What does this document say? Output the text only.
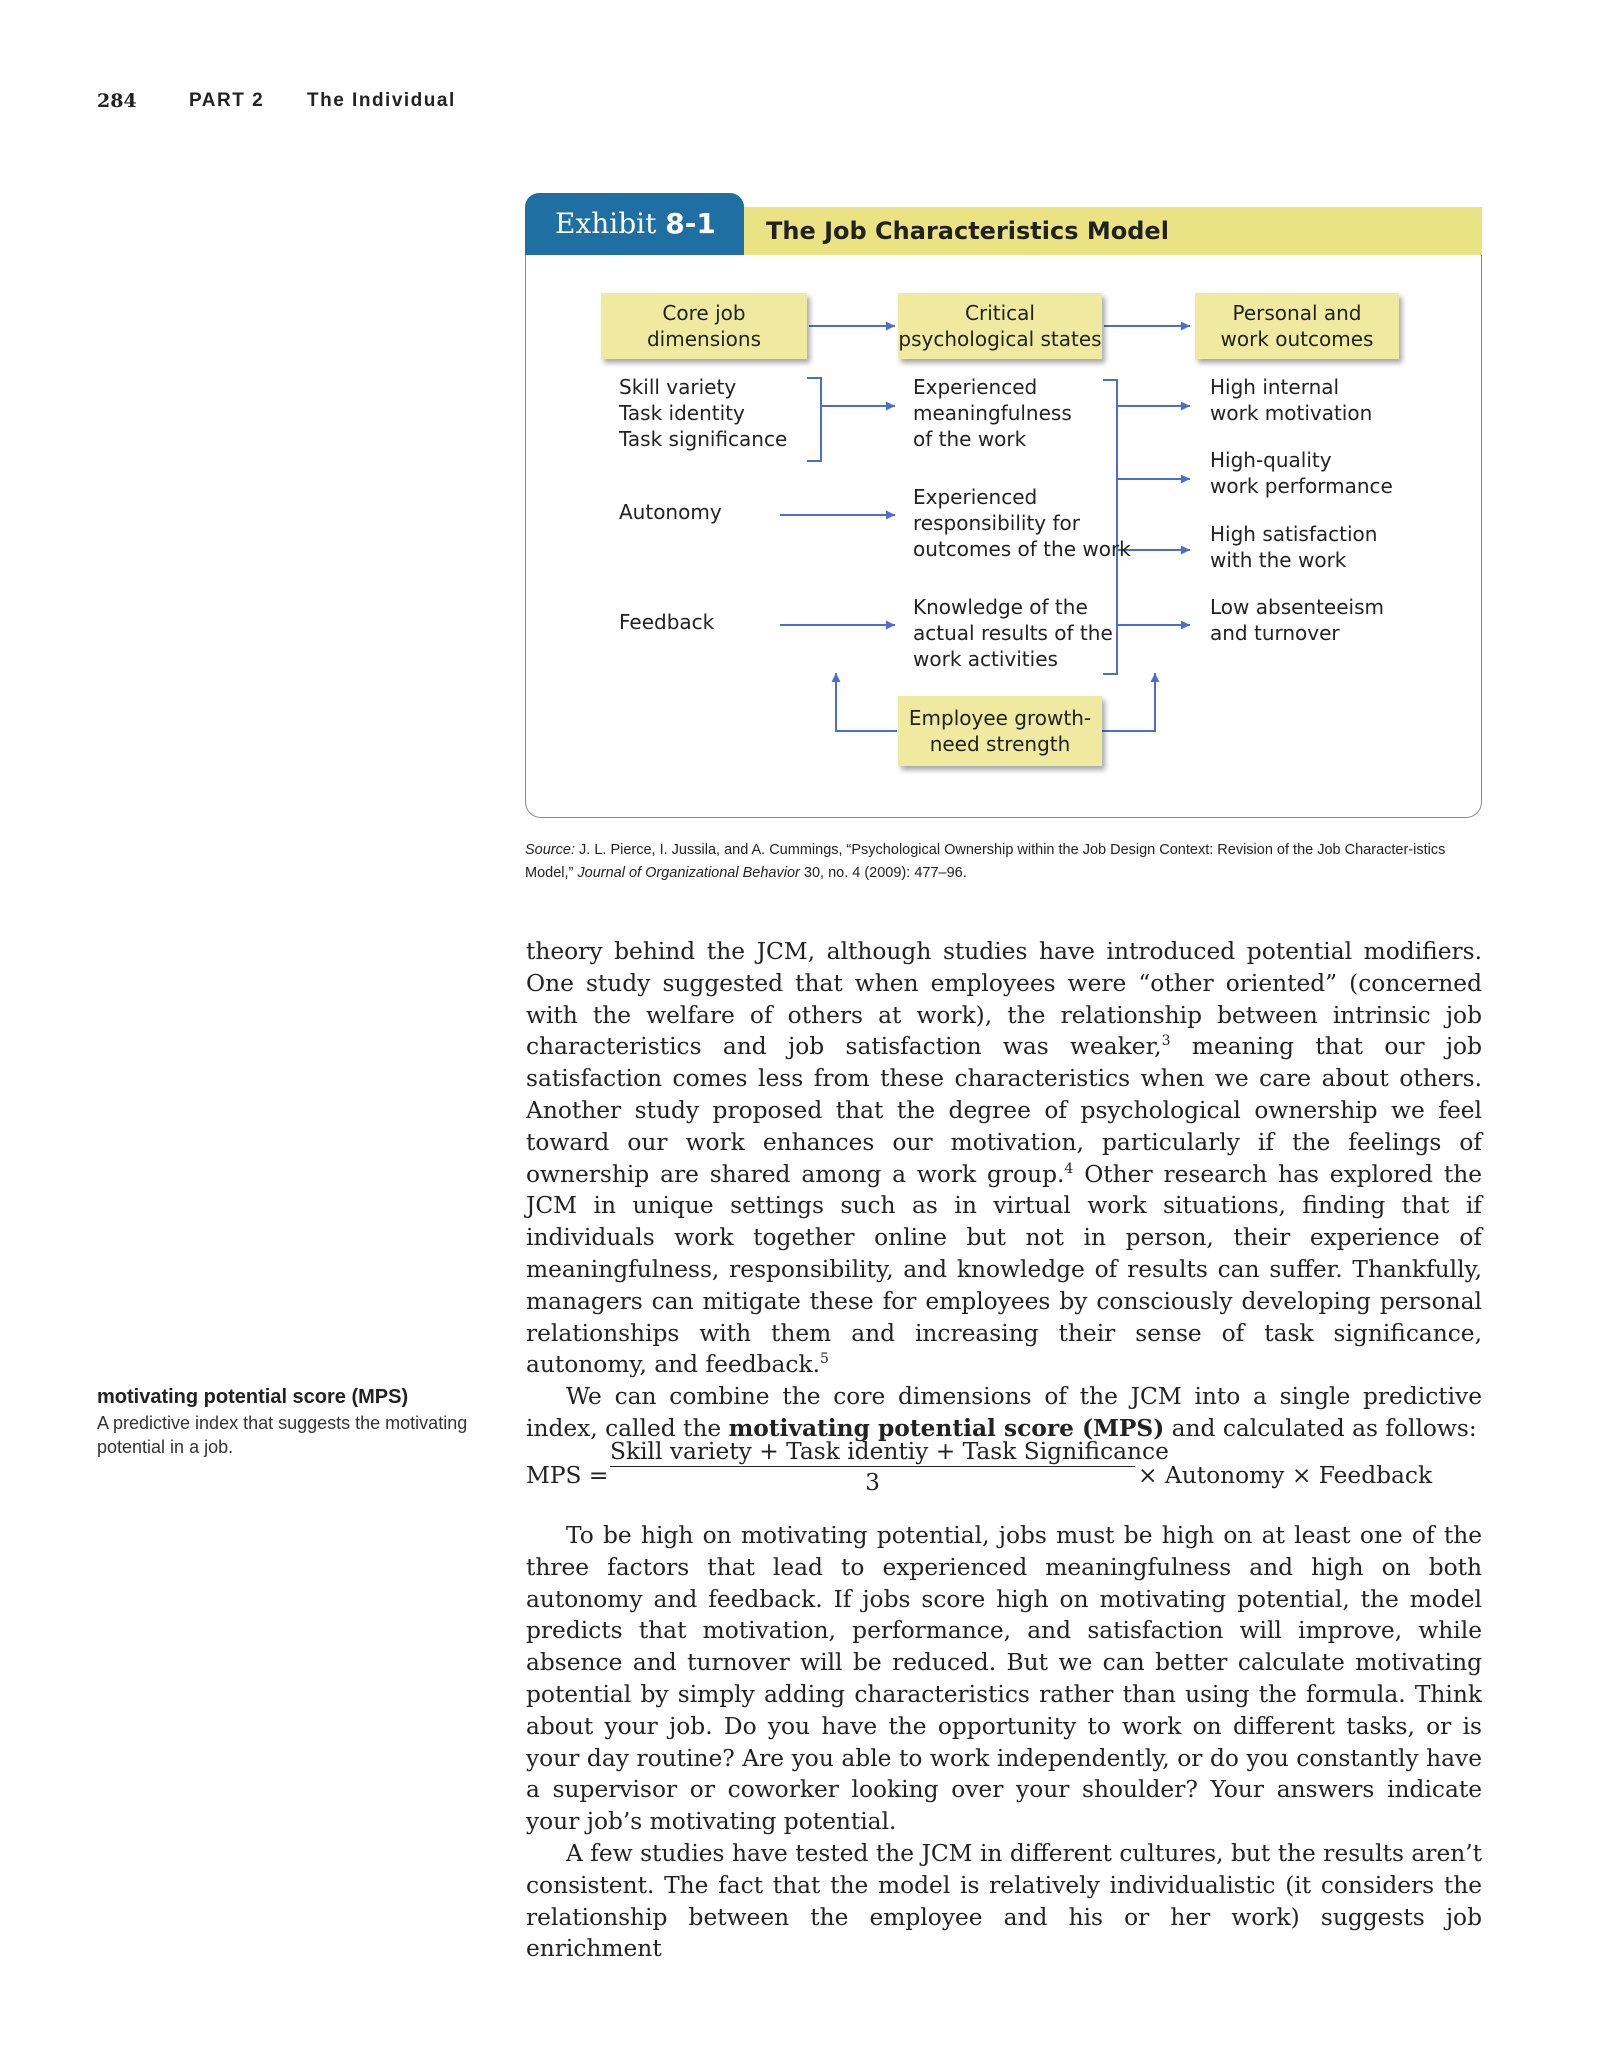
284	PART 2 The Individual
The Job Characteristics Model
Exhibit 8-1
Core job
dimensions
Critical
psychological states
Personal and
work outcomes
Skill variety
Task identity
Task significance
Autonomy
Feedback
Experienced
meaningfulness
of the work
Experienced
responsibility for
outcomes of the work
Knowledge of the
actual results of the
work activities
High internal
work motivation
High-quality
work performance
High satisfaction
with the work
Low absenteeism
and turnover
Employee growth-
need strength
Source: J. L. Pierce, I. Jussila, and A. Cummings, “Psychological Ownership within the Job Design Context: Revision of the Job Character-istics Model,” Journal of Organizational Behavior 30, no. 4 (2009): 477–96.

theory behind the JCM, although studies have introduced potential modifiers. One study suggested that when employees were “other oriented” (concerned with the welfare of others at work), the relationship between intrinsic job characteristics and job satisfaction was weaker,$^3$ meaning that our job satisfaction comes less from these characteristics when we care about others. Another study proposed that the degree of psychological ownership we feel toward our work enhances our motivation, particularly if the feelings of ownership are shared among a work group.$^4$ Other research has explored the JCM in unique settings such as in virtual work situations, finding that if individuals work together online but not in person, their experience of meaningfulness, responsibility, and knowledge of results can suffer. Thankfully, managers can mitigate these for employees by consciously developing personal relationships with them and increasing their sense of task significance, autonomy, and feedback.$^5$

We can combine the core dimensions of the JCM into a single predictive index, called the motivating potential score (MPS) and calculated as follows:

MPS =
Skill variety + Task identiy + Task Significance
3	× Autonomy × Feedback

To be high on motivating potential, jobs must be high on at least one of the three factors that lead to experienced meaningfulness and high on both autonomy and feedback. If jobs score high on motivating potential, the model predicts that motivation, performance, and satisfaction will improve, while absence and turnover will be reduced. But we can better calculate motivating potential by simply adding characteristics rather than using the formula. Think about your job. Do you have the opportunity to work on different tasks, or is your day routine? Are you able to work independently, or do you constantly have a supervisor or coworker looking over your shoulder? Your answers indicate your job’s motivating potential.

A few studies have tested the JCM in different cultures, but the results aren’t consistent. The fact that the model is relatively individualistic (it considers the relationship between the employee and his or her work) suggests job enrichment

motivating potential score (MPS)
A predictive index that suggests the motivating potential in a job.
